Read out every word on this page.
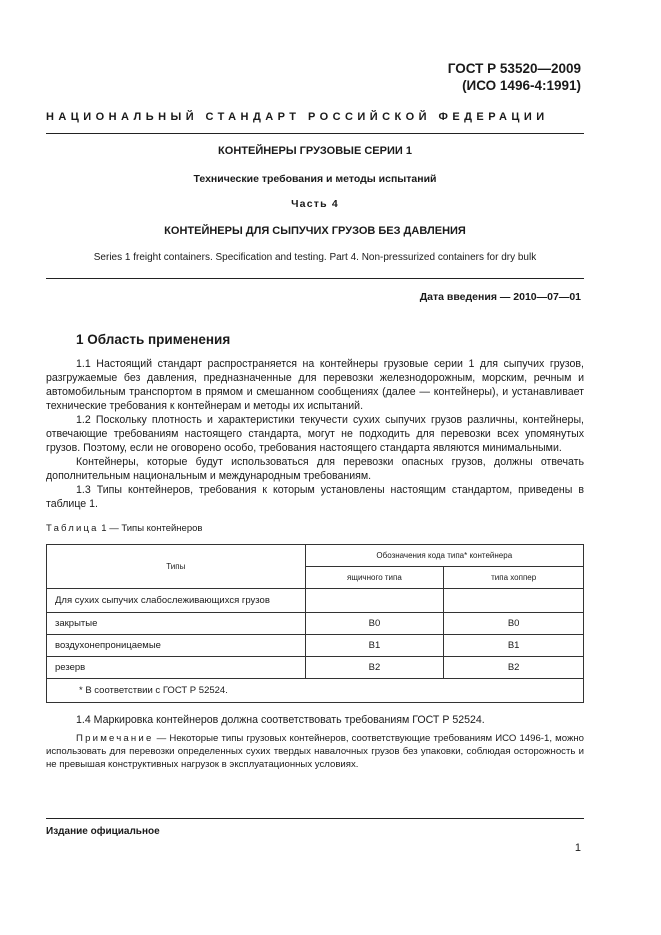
ГОСТ Р 53520—2009
(ИСО 1496-4:1991)
НАЦИОНАЛЬНЫЙ СТАНДАРТ РОССИЙСКОЙ ФЕДЕРАЦИИ
КОНТЕЙНЕРЫ ГРУЗОВЫЕ СЕРИИ 1
Технические требования и методы испытаний
Часть 4
КОНТЕЙНЕРЫ ДЛЯ СЫПУЧИХ ГРУЗОВ БЕЗ ДАВЛЕНИЯ
Series 1 freight containers. Specification and testing. Part 4. Non-pressurized containers for dry bulk
Дата введения — 2010—07—01
1 Область применения
1.1 Настоящий стандарт распространяется на контейнеры грузовые серии 1 для сыпучих грузов, разгружаемые без давления, предназначенные для перевозки железнодорожным, морским, речным и автомобильным транспортом в прямом и смешанном сообщениях (далее — контейнеры), и устанавливает технические требования к контейнерам и методы их испытаний.
1.2 Поскольку плотность и характеристики текучести сухих сыпучих грузов различны, контейнеры, отвечающие требованиям настоящего стандарта, могут не подходить для перевозки всех упомянутых грузов. Поэтому, если не оговорено особо, требования настоящего стандарта являются минимальными.
Контейнеры, которые будут использоваться для перевозки опасных грузов, должны отвечать дополнительным национальным и международным требованиям.
1.3 Типы контейнеров, требования к которым установлены настоящим стандартом, приведены в таблице 1.
Таблица 1 — Типы контейнеров
Типы	Обозначения кода типа* контейнера	
	ящичного типа	типа хоппер
Для сухих сыпучих слабослеживающихся грузов		
закрытые	B0	B0
воздухонепроницаемые	B1	B1
резерв	B2	B2
* В соответствии с ГОСТ Р 52524.		
1.4 Маркировка контейнеров должна соответствовать требованиям ГОСТ Р 52524.
Примечание — Некоторые типы грузовых контейнеров, соответствующие требованиям ИСО 1496-1, можно использовать для перевозки определенных сухих твердых навалочных грузов без упаковки, соблюдая осторожность и не превышая конструктивных нагрузок в эксплуатационных условиях.
Издание официальное
1
